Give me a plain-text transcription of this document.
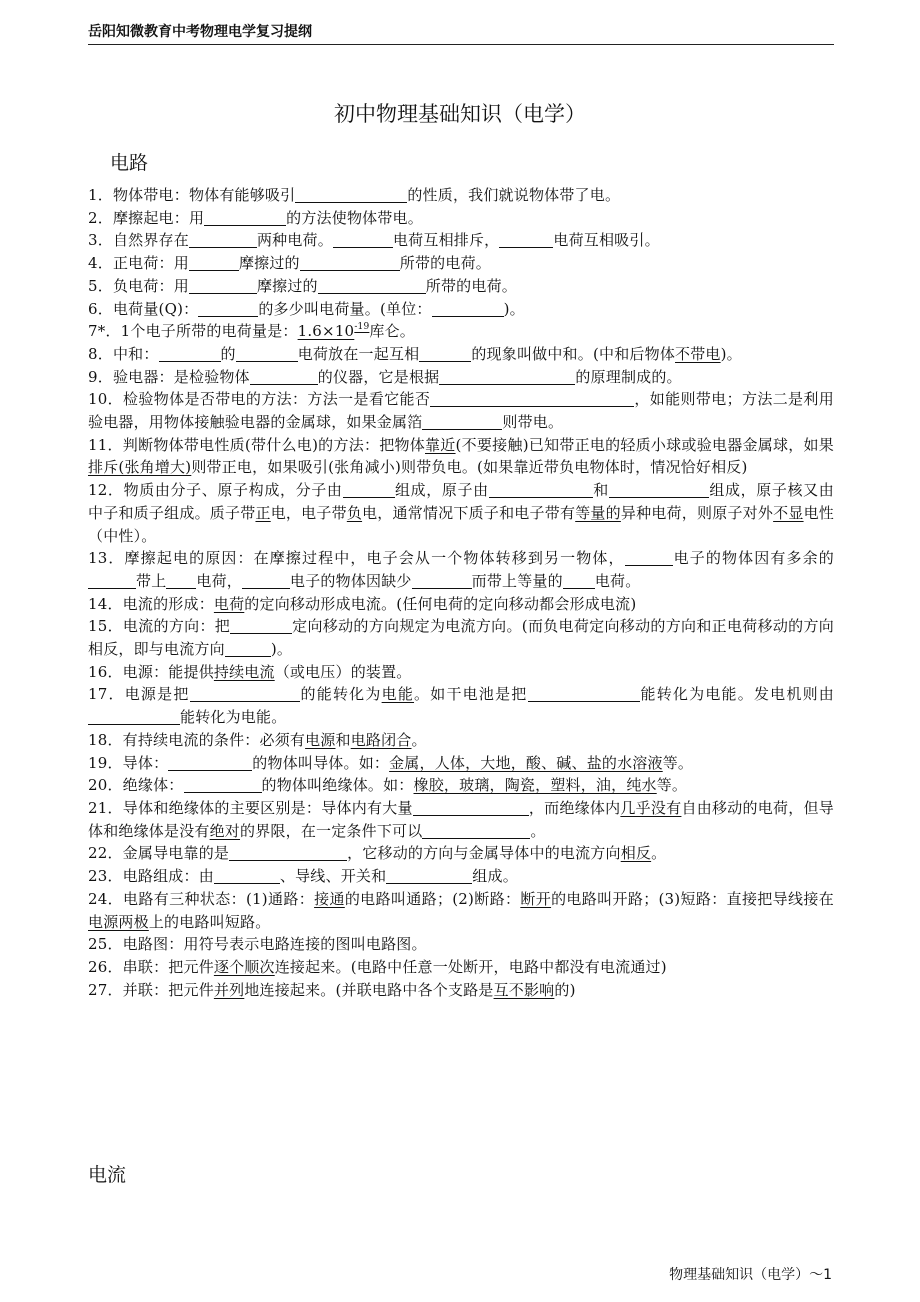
岳阳知微教育中考物理电学复习提纲
初中物理基础知识（电学）
电路

1．物体带电：物体有能够吸引	的性质，我们就说物体带了电。

2．摩擦起电：用	的方法使物体带电。

3．自然界存在	两种电荷。	电荷互相排斥，	电荷互相吸引。

4．正电荷：用	摩擦过的	所带的电荷。

5．负电荷：用	摩擦过的	所带的电荷。

6．电荷量(Q)：	的多少叫电荷量。(单位：	)。

7*．1个电子所带的电荷量是：$1.6\times 10^{-19}$库仑。

8．中和：	的	电荷放在一起互相	的现象叫做中和。(中和后物体不带电)。

9．验电器：是检验物体	的仪器，它是根据	的原理制成的。

10．检验物体是否带电的方法：方法一是看它能否	，如能则带电；方法二是利用验电器，用物体接触验电器的金属球，如果金属箔	则带电。

11．判断物体带电性质(带什么电)的方法：把物体靠近(不要接触)已知带正电的轻质小球或验电器金属球，如果排斥(张角增大)则带正电，如果吸引(张角减小)则带负电。(如果靠近带负电物体时，情况恰好相反)

12．物质由分子、原子构成，分子由	组成，原子由	和	组成，原子核又由中子和质子组成。质子带正电，电子带负电，通常情况下质子和电子带有等量的异种电荷，则原子对外不显电性（中性）。

13．摩擦起电的原因：在摩擦过程中，电子会从一个物体转移到另一物体，	电子的物体因有多余的带上 电荷，	电子的物体因缺少	而带上等量的 电荷。

14．电流的形成：电荷的定向移动形成电流。(任何电荷的定向移动都会形成电流)

15．电流的方向：把	定向移动的方向规定为电流方向。(而负电荷定向移动的方向和正电荷移动的方向相反，即与电流方向	)。

16．电源：能提供持续电流（或电压）的装置。

17．电源是把	的能转化为电能。如干电池是把	能转化为电能。发电机则由能转化为电能。

18．有持续电流的条件：必须有电源和电路闭合。

19．导体：	的物体叫导体。如：金属，人体，大地，酸、碱、盐的水溶液等。

20．绝缘体：	的物体叫绝缘体。如：橡胶，玻璃，陶瓷，塑料，油，纯水等。

21．导体和绝缘体的主要区别是：导体内有大量	，而绝缘体内几乎没有自由移动的电荷，但导体和绝缘体是没有绝对的界限，在一定条件下可以	。

22．金属导电靠的是	，它移动的方向与金属导体中的电流方向相反。

23．电路组成：由	、导线、开关和	组成。

24．电路有三种状态：(1)通路：接通的电路叫通路；(2)断路：断开的电路叫开路；(3)短路：直接把导线接在电源两极上的电路叫短路。

25．电路图：用符号表示电路连接的图叫电路图。

26．串联：把元件逐个顺次连接起来。(电路中任意一处断开，电路中都没有电流通过)

27．并联：把元件并列地连接起来。(并联电路中各个支路是互不影响的)

电流
物理基础知识（电学）～1
